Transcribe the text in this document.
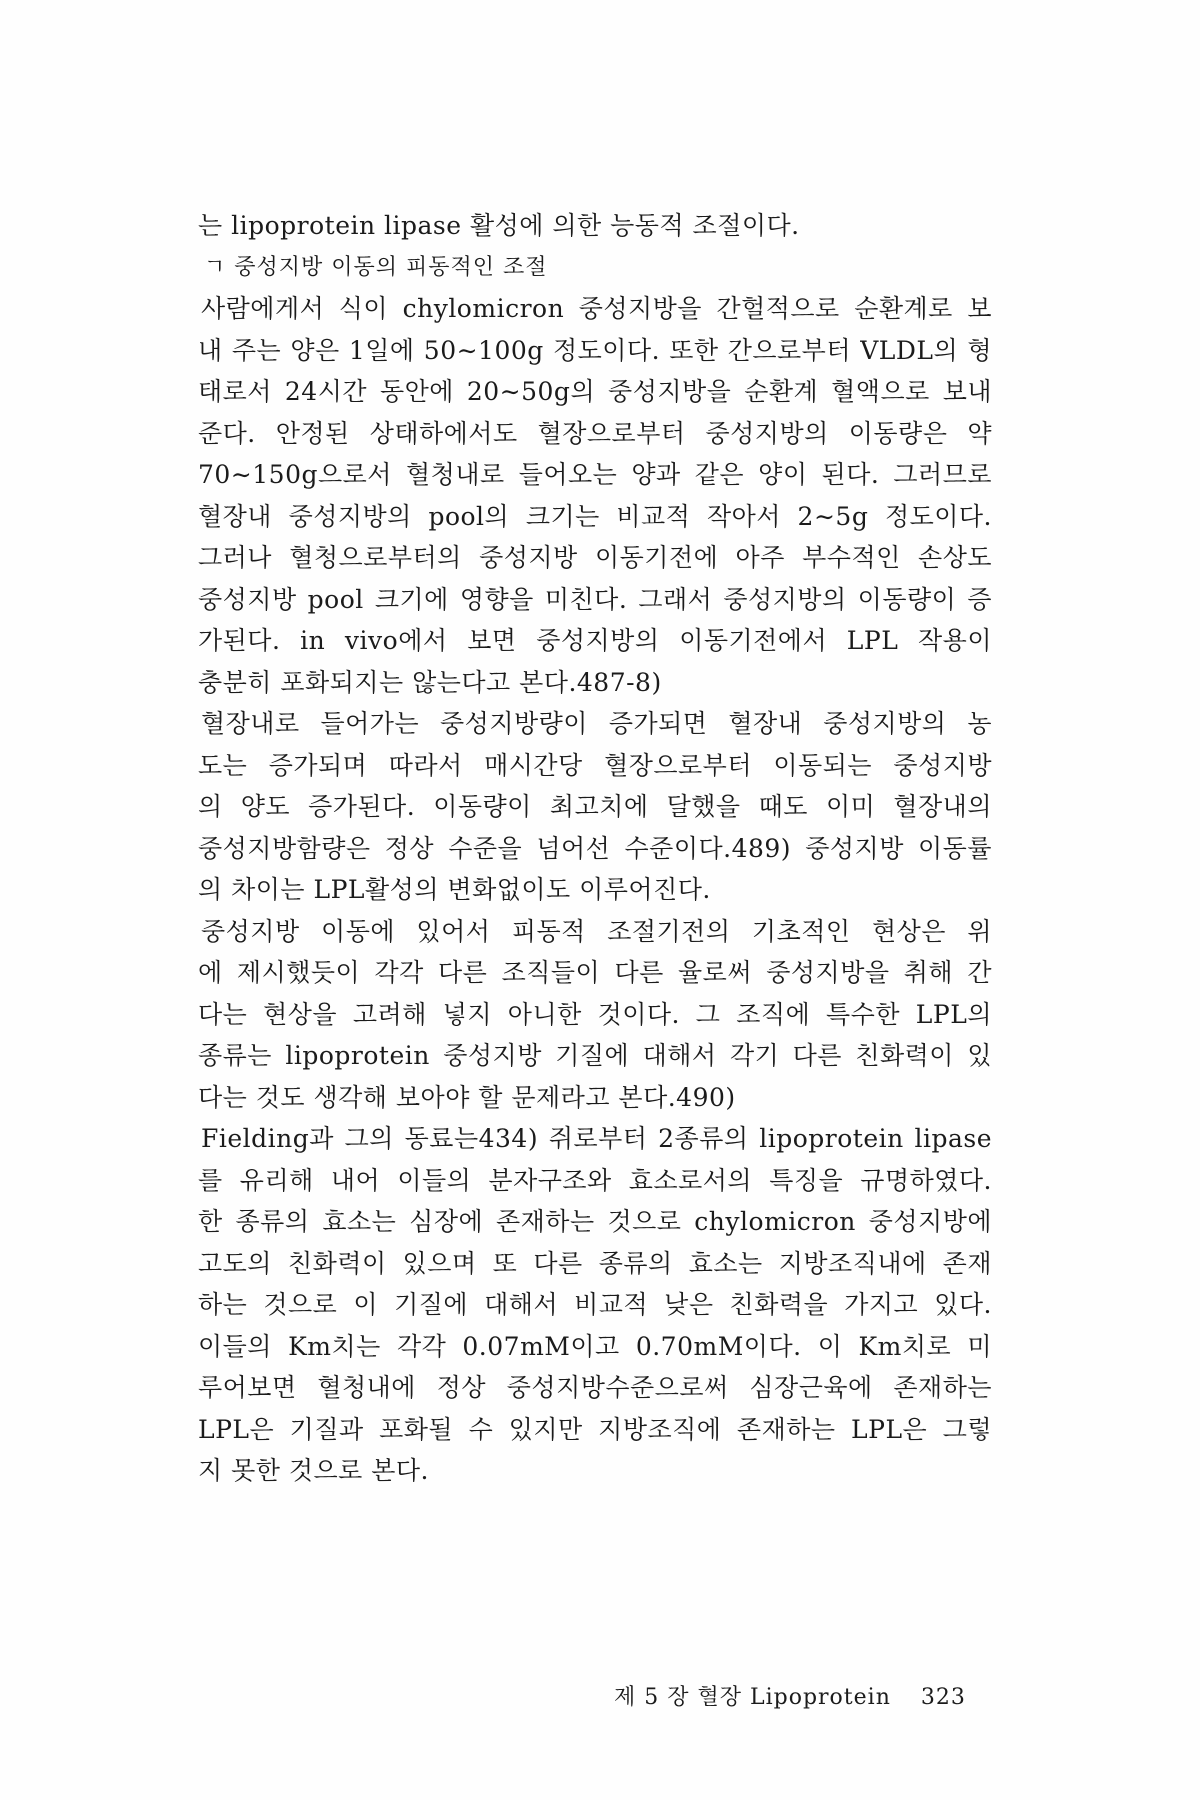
는 lipoprotein lipase 활성에 의한 능동적 조절이다.
ㄱ 중성지방 이동의 피동적인 조절
사람에게서 식이 chylomicron 중성지방을 간헐적으로 순환계로 보
내 주는 양은 1일에 50∼100g 정도이다. 또한 간으로부터 VLDL의 형
태로서 24시간 동안에 20∼50g의 중성지방을 순환계 혈액으로 보내
준다. 안정된 상태하에서도 혈장으로부터 중성지방의 이동량은 약
70∼150g으로서 혈청내로 들어오는 양과 같은 양이 된다. 그러므로
혈장내 중성지방의 pool의 크기는 비교적 작아서 2∼5g 정도이다.
그러나 혈청으로부터의 중성지방 이동기전에 아주 부수적인 손상도
중성지방 pool 크기에 영향을 미친다. 그래서 중성지방의 이동량이 증
가된다. in vivo에서 보면 중성지방의 이동기전에서 LPL 작용이
충분히 포화되지는 않는다고 본다.487-8)
혈장내로 들어가는 중성지방량이 증가되면 혈장내 중성지방의 농
도는 증가되며 따라서 매시간당 혈장으로부터 이동되는 중성지방
의 양도 증가된다. 이동량이 최고치에 달했을 때도 이미 혈장내의
중성지방함량은 정상 수준을 넘어선 수준이다.489) 중성지방 이동률
의 차이는 LPL활성의 변화없이도 이루어진다.
중성지방 이동에 있어서 피동적 조절기전의 기초적인 현상은 위
에 제시했듯이 각각 다른 조직들이 다른 율로써 중성지방을 취해 간
다는 현상을 고려해 넣지 아니한 것이다. 그 조직에 특수한 LPL의
종류는 lipoprotein 중성지방 기질에 대해서 각기 다른 친화력이 있
다는 것도 생각해 보아야 할 문제라고 본다.490)
Fielding과 그의 동료는434) 쥐로부터 2종류의 lipoprotein lipase
를 유리해 내어 이들의 분자구조와 효소로서의 특징을 규명하였다.
한 종류의 효소는 심장에 존재하는 것으로 chylomicron 중성지방에
고도의 친화력이 있으며 또 다른 종류의 효소는 지방조직내에 존재
하는 것으로 이 기질에 대해서 비교적 낮은 친화력을 가지고 있다.
이들의 Km치는 각각 0.07mM이고 0.70mM이다. 이 Km치로 미
루어보면 혈청내에 정상 중성지방수준으로써 심장근육에 존재하는
LPL은 기질과 포화될 수 있지만 지방조직에 존재하는 LPL은 그렇
지 못한 것으로 본다.
제 5 장 혈장 Lipoprotein 323
